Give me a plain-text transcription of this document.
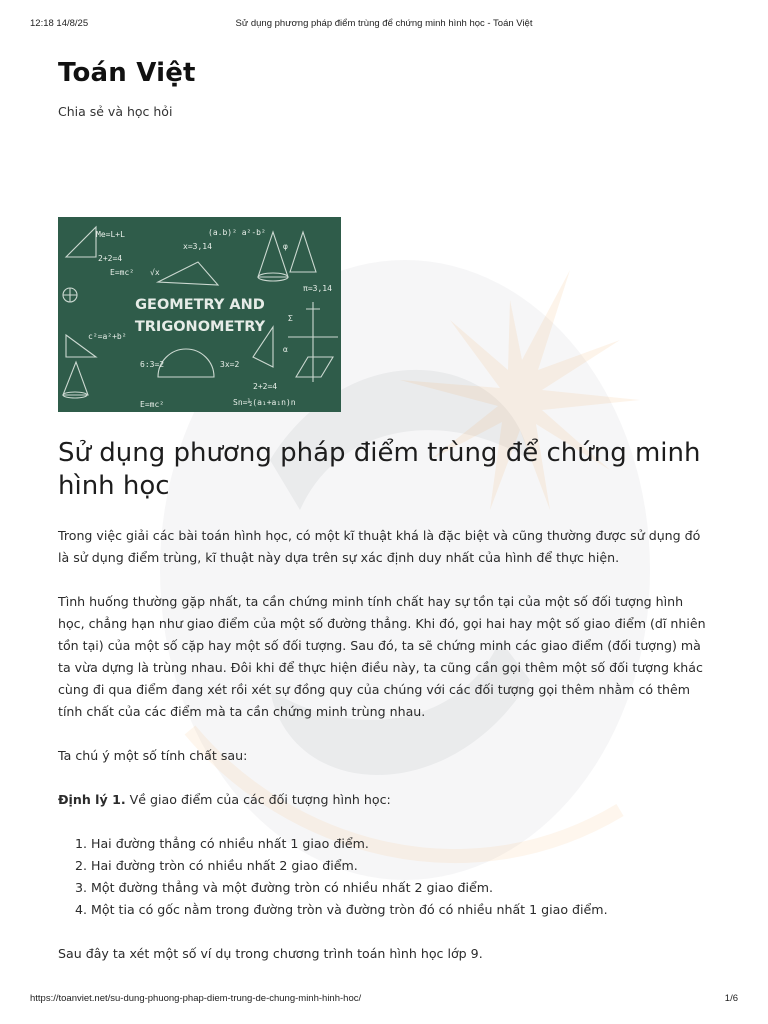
12:18 14/8/25	Sử dụng phương pháp điểm trùng để chứng minh hình học - Toán Việt
Toán Việt
Chia sẻ và học hỏi
Me=L+L	(a.b)² a²-b²
x=3,14
π=3,14
E=mc²
2+2=4
c²=a²+b²
6:3=2	3x=2
2+2=4
E=mc²
√x
Σ
φ
α
Sn=½(a₁+a₁n)n
GEOMETRY AND
TRIGONOMETRY
Sử dụng phương pháp điểm trùng để chứng minh hình học

Trong việc giải các bài toán hình học, có một kĩ thuật khá là đặc biệt và cũng thường được sử dụng đó là sử dụng điểm trùng, kĩ thuật này dựa trên sự xác định duy nhất của hình để thực hiện.

Tình huống thường gặp nhất, ta cần chứng minh tính chất hay sự tồn tại của một số đối tượng hình học, chẳng hạn như giao điểm của một số đường thẳng. Khi đó, gọi hai hay một số giao điểm (dĩ nhiên tồn tại) của một số cặp hay một số đối tượng. Sau đó, ta sẽ chứng minh các giao điểm (đối tượng) mà ta vừa dựng là trùng nhau. Đôi khi để thực hiện điều này, ta cũng cần gọi thêm một số đối tượng khác cùng đi qua điểm đang xét rồi xét sự đồng quy của chúng với các đối tượng gọi thêm nhằm có thêm tính chất của các điểm mà ta cần chứng minh trùng nhau.

Ta chú ý một số tính chất sau:

Định lý 1. Về giao điểm của các đối tượng hình học:

1. Hai đường thẳng có nhiều nhất 1 giao điểm.
2. Hai đường tròn có nhiều nhất 2 giao điểm.
3. Một đường thẳng và một đường tròn có nhiều nhất 2 giao điểm.
4. Một tia có gốc nằm trong đường tròn và đường tròn đó có nhiều nhất 1 giao điểm.

Sau đây ta xét một số ví dụ trong chương trình toán hình học lớp 9.

https://toanviet.net/su-dung-phuong-phap-diem-trung-de-chung-minh-hinh-hoc/	1/6
